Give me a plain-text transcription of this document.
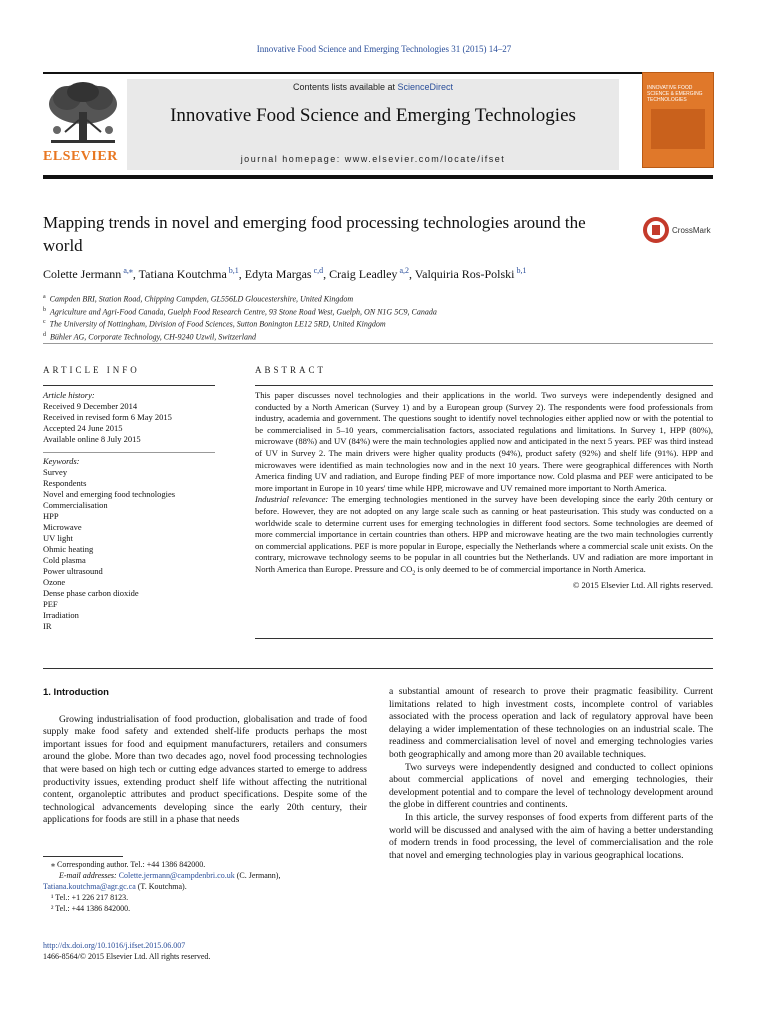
Innovative Food Science and Emerging Technologies 31 (2015) 14–27
ELSEVIER
Contents lists available at ScienceDirect
Innovative Food Science and Emerging Technologies
journal homepage: www.elsevier.com/locate/ifset
INNOVATIVE FOOD SCIENCE & EMERGING TECHNOLOGIES
Mapping trends in novel and emerging food processing technologies around the world
CrossMark
Colette Jermann $^{a,⁎}$, Tatiana Koutchma $^{b,1}$, Edyta Margas $^{c,d}$, Craig Leadley $^{a,2}$, Valquiria Ros-Polski $^{b,1}$
$^a$ Campden BRI, Station Road, Chipping Campden, GL556LD Gloucestershire, United Kingdom
$^b$ Agriculture and Agri-Food Canada, Guelph Food Research Centre, 93 Stone Road West, Guelph, ON N1G 5C9, Canada
$^c$ The University of Nottingham, Division of Food Sciences, Sutton Bonington LE12 5RD, United Kingdom
$^d$ Bühler AG, Corporate Technology, CH-9240 Uzwil, Switzerland
ARTICLE INFO	ABSTRACT
Article history:
Received 9 December 2014
Received in revised form 6 May 2015
Accepted 24 June 2015
Available online 8 July 2015
Keywords:
Survey
Respondents
Novel and emerging food technologies
Commercialisation
HPP
Microwave
UV light
Ohmic heating
Cold plasma
Power ultrasound
Ozone
Dense phase carbon dioxide
PEF
Irradiation
IR
This paper discusses novel technologies and their applications in the world. Two surveys were independently designed and conducted by a North American (Survey 1) and by a European group (Survey 2). The respondents were food professionals from industry, academia and government. The questions sought to identify novel technologies either applied now or with the potential to be commercialised in 5–10 years, commercialisation factors, associated regulations and limitations. In Survey 1, HPP (80%), microwave (88%) and UV (84%) were the main technologies applied now and anticipated in the next 5 years. PEF was third instead of UV in Survey 2. The main drivers were higher quality products (94%), product safety (92%) and shelf life (91%). HPP and microwaves were identified as main technologies now and in the next 10 years. There were geographical differences with North America finding UV and radiation, and Europe finding PEF of more importance now. Cold plasma and PEF were anticipated to be more important in Europe in 10 years' time while HPP, microwave and UV remained more important to North America.
Industrial relevance: The emerging technologies mentioned in the survey have been developing since the early 20th century or before. However, they are not adopted on any large scale such as canning or heat pasteurisation. This study was conducted on a worldwide scale to determine current uses for emerging technologies in different food sectors. Some technologies are deemed of more commercial importance in certain countries than others. HPP and microwave heating are the two main technologies currently on commercial applications. PEF is more popular in Europe, especially the Netherlands where a commercial scale unit exists. On the contrary, microwave technology seems to be popular in all countries but the Netherlands. UV and radiation are more important in North America than Europe. Pressure and $CO_2$ is only deemed to be of commercial importance in North America.
© 2015 Elsevier Ltd. All rights reserved.

1. Introduction

Growing industrialisation of food production, globalisation and trade of food supply make food safety and extended shelf-life products perhaps the most important issues for food and equipment manufacturers, retailers and consumers around the globe. More than two decades ago, novel food processing technologies that were based on high tech or cutting edge advances started to emerge to address productivity issues, extending product shelf life without affecting the nutritional content, organoleptic attributes and product specifications. Despite some of the technological advancements developing since the early 20th century, their applications for foods are still in a phase that needs

a substantial amount of research to prove their pragmatic feasibility. Current limitations related to high investment costs, incomplete control of variables associated with the process operation and lack of regulatory approval have been delaying a wider implementation of these technologies on an industrial scale. The readiness and commercialisation level of novel and emerging technologies varies both geographically and among more than 20 available techniques.

Two surveys were independently designed and conducted to collect opinions about commercial applications of novel and emerging technologies, their development potential and to compare the level of technology development around the globe in different countries and continents.

In this article, the survey responses of food experts from different parts of the world will be discussed and analysed with the aim of having a better understanding of modern trends in food processing, the level of commercialisation and the role that novel and emerging technologies play in various geographical locations.

⁎ Corresponding author. Tel.: +44 1386 842000.
E-mail addresses: Colette.jermann@campdenbri.co.uk (C. Jermann),
Tatiana.koutchma@agr.gc.ca (T. Koutchma).
¹ Tel.: +1 226 217 8123.
² Tel.: +44 1386 842000.
http://dx.doi.org/10.1016/j.ifset.2015.06.007
1466-8564/© 2015 Elsevier Ltd. All rights reserved.
